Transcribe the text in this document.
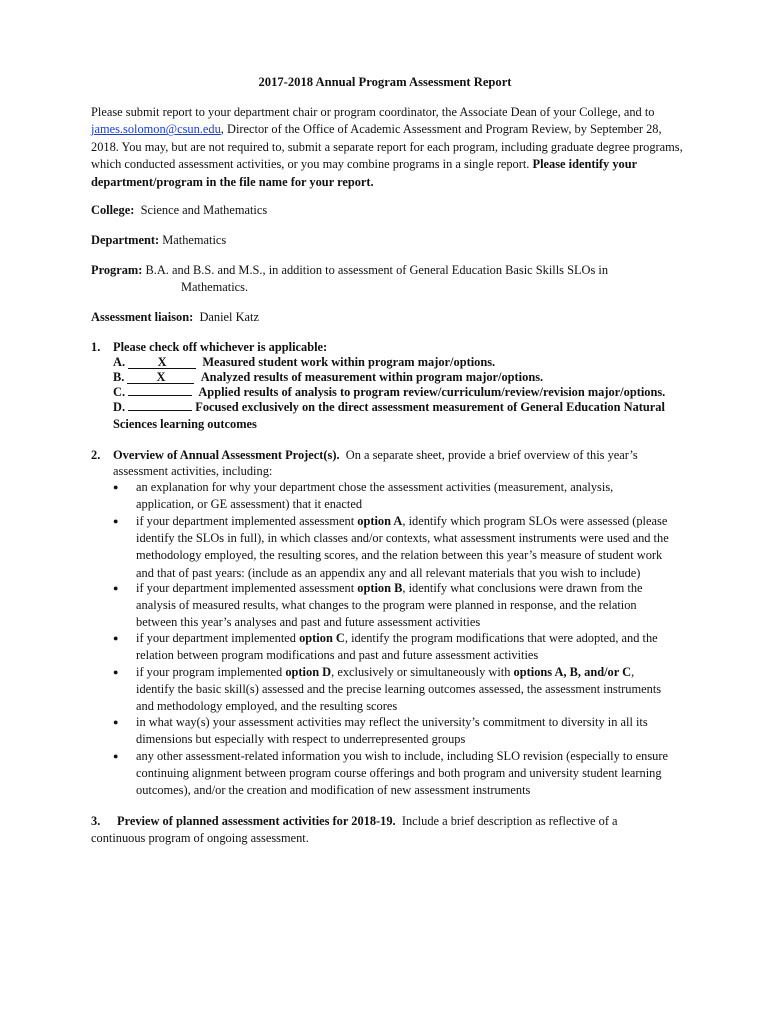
2017-2018 Annual Program Assessment Report
Please submit report to your department chair or program coordinator, the Associate Dean of your College, and to james.solomon@csun.edu, Director of the Office of Academic Assessment and Program Review, by September 28, 2018. You may, but are not required to, submit a separate report for each program, including graduate degree programs, which conducted assessment activities, or you may combine programs in a single report. Please identify your department/program in the file name for your report.
College: Science and Mathematics
Department: Mathematics
Program: B.A. and B.S. and M.S., in addition to assessment of General Education Basic Skills SLOs in
Mathematics.
Assessment liaison: Daniel Katz
1. Please check off whichever is applicable:
A.	X	Measured student work within program major/options.
B.	X	Analyzed results of measurement within program major/options.
C.	Applied results of analysis to program review/curriculum/review/revision major/options.
D.	Focused exclusively on the direct assessment measurement of General Education Natural
Sciences learning outcomes
2. Overview of Annual Assessment Project(s). On a separate sheet, provide a brief overview of this year’s
assessment activities, including:
● an explanation for why your department chose the assessment activities (measurement, analysis,
application, or GE assessment) that it enacted
● if your department implemented assessment option A, identify which program SLOs were assessed (please
identify the SLOs in full), in which classes and/or contexts, what assessment instruments were used and the
methodology employed, the resulting scores, and the relation between this year’s measure of student work
and that of past years: (include as an appendix any and all relevant materials that you wish to include)
● if your department implemented assessment option B, identify what conclusions were drawn from the
analysis of measured results, what changes to the program were planned in response, and the relation
between this year’s analyses and past and future assessment activities
● if your department implemented option C, identify the program modifications that were adopted, and the
relation between program modifications and past and future assessment activities
● if your program implemented option D, exclusively or simultaneously with options A, B, and/or C,
identify the basic skill(s) assessed and the precise learning outcomes assessed, the assessment instruments
and methodology employed, and the resulting scores
● in what way(s) your assessment activities may reflect the university’s commitment to diversity in all its
dimensions but especially with respect to underrepresented groups
● any other assessment-related information you wish to include, including SLO revision (especially to ensure
continuing alignment between program course offerings and both program and university student learning
outcomes), and/or the creation and modification of new assessment instruments
3. Preview of planned assessment activities for 2018-19. Include a brief description as reflective of a
continuous program of ongoing assessment.
